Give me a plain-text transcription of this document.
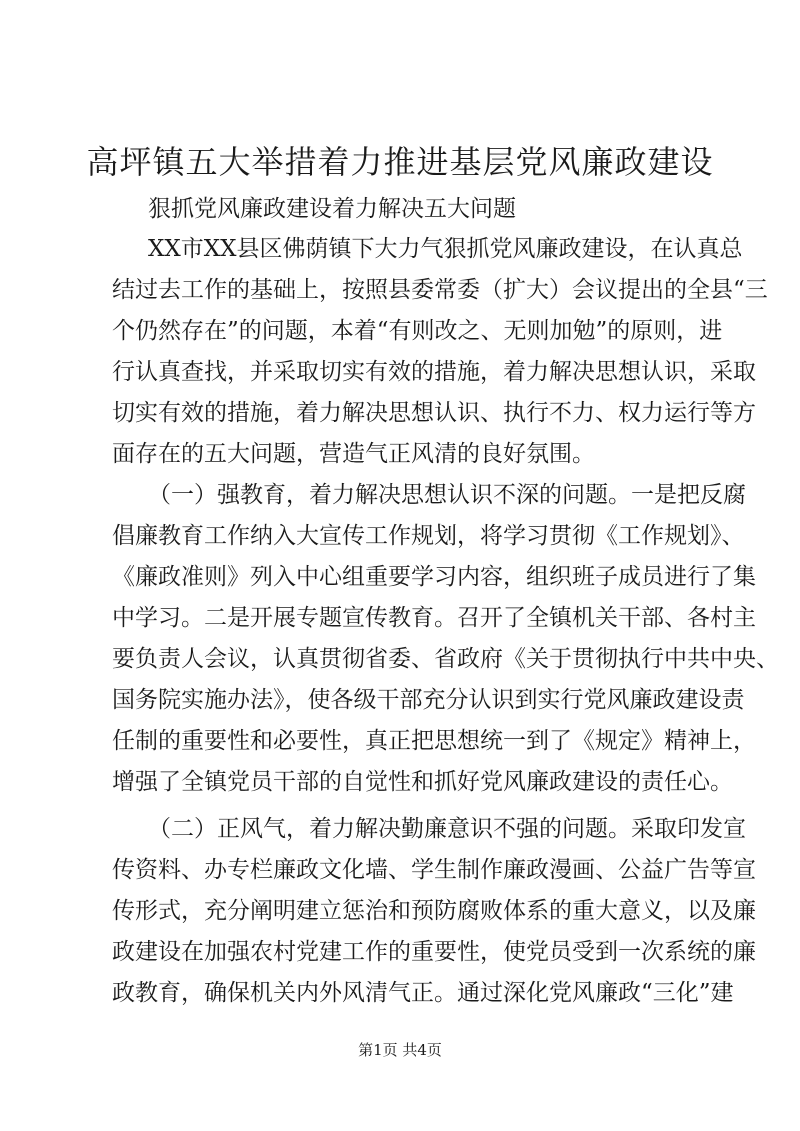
高坪镇五大举措着力推进基层党风廉政建设
狠抓党风廉政建设着力解决五大问题
XX市XX县区佛荫镇下大力气狠抓党风廉政建设，在认真总
结过去工作的基础上，按照县委常委（扩大）会议提出的全县“三
个仍然存在”的问题，本着“有则改之、无则加勉”的原则，进
行认真查找，并采取切实有效的措施，着力解决思想认识，采取
切实有效的措施，着力解决思想认识、执行不力、权力运行等方
面存在的五大问题，营造气正风清的良好氛围。
（一）强教育，着力解决思想认识不深的问题。一是把反腐
倡廉教育工作纳入大宣传工作规划，将学习贯彻《工作规划》、
《廉政准则》列入中心组重要学习内容，组织班子成员进行了集
中学习。二是开展专题宣传教育。召开了全镇机关干部、各村主
要负责人会议，认真贯彻省委、省政府《关于贯彻执行中共中央、
国务院实施办法》，使各级干部充分认识到实行党风廉政建设责
任制的重要性和必要性，真正把思想统一到了《规定》精神上，
增强了全镇党员干部的自觉性和抓好党风廉政建设的责任心。
（二）正风气，着力解决勤廉意识不强的问题。采取印发宣
传资料、办专栏廉政文化墙、学生制作廉政漫画、公益广告等宣
传形式，充分阐明建立惩治和预防腐败体系的重大意义，以及廉
政建设在加强农村党建工作的重要性，使党员受到一次系统的廉
政教育，确保机关内外风清气正。通过深化党风廉政“三化”建
第1页 共4页
